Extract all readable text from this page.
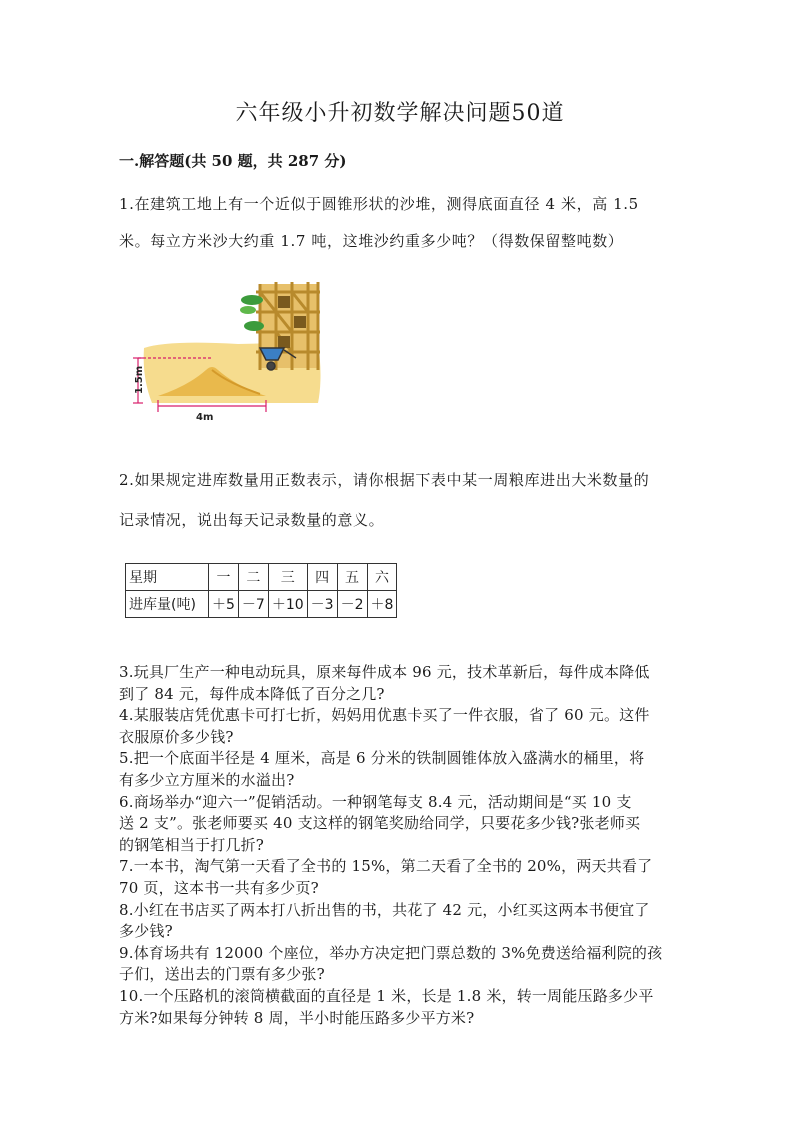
六年级小升初数学解决问题50道
一.解答题(共 50 题，共 287 分)
1.在建筑工地上有一个近似于圆锥形状的沙堆，测得底面直径 4 米，高 1.5
米。每立方米沙大约重 1.7 吨，这堆沙约重多少吨？（得数保留整吨数）
1.5m
4m
2.如果规定进库数量用正数表示，请你根据下表中某一周粮库进出大米数量的
记录情况，说出每天记录数量的意义。
星期	一	二	三	四	五	六
进库量(吨)	＋5	－7	＋10	－3	－2	＋8
3.玩具厂生产一种电动玩具，原来每件成本 96 元，技术革新后，每件成本降低
到了 84 元，每件成本降低了百分之几?
4.某服装店凭优惠卡可打七折，妈妈用优惠卡买了一件衣服，省了 60 元。这件
衣服原价多少钱?
5.把一个底面半径是 4 厘米，高是 6 分米的铁制圆锥体放入盛满水的桶里，将
有多少立方厘米的水溢出?
6.商场举办“迎六一”促销活动。一种钢笔每支 8.4 元，活动期间是“买 10 支
送 2 支”。张老师要买 40 支这样的钢笔奖励给同学，只要花多少钱?张老师买
的钢笔相当于打几折?
7.一本书，淘气第一天看了全书的 15%，第二天看了全书的 20%，两天共看了
70 页，这本书一共有多少页?
8.小红在书店买了两本打八折出售的书，共花了 42 元，小红买这两本书便宜了
多少钱?
9.体育场共有 12000 个座位，举办方决定把门票总数的 3%免费送给福利院的孩
子们，送出去的门票有多少张?
10.一个压路机的滚筒横截面的直径是 1 米，长是 1.8 米，转一周能压路多少平
方米?如果每分钟转 8 周，半小时能压路多少平方米?
